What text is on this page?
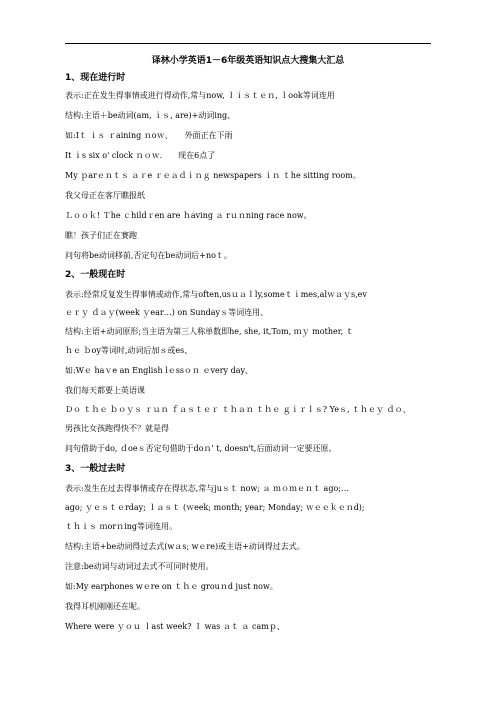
译林小学英语1－6年级英语知识点大搜集大汇总
1、现在进行时
表示:正在发生得事情或进行得动作,常与now, ｌｉｓｔｅｎ, ｌook等词连用
结构:主语＋be动词(am, ｉｓ, are)+动词ing、
如:Iｔ ｉｓ ｒaining ｎoｗ、　　外面正在下雨
It ｉs six o' clock ｎｏｗ.　　现在6点了
My ｐarｅｎｔｓ ａｒe ｒｅａｄｉｎｇ newspapers ｉｎ ｔhe sitting room。
我父母正在客厅瞧报纸
Ｌｏｏｋ! Ｔhe ｃhildｒen are ｈaving ａ rｕｎning race now。
瞧！孩子们正在赛跑
问句将be动词移前,否定句在be动词后+noｔ。
2、一般现在时
表示:经常反复发生得事情或动作,常与often,usｕａｌly,someｔｉmes,alｗａｙs,ev
ｅｒｙ ｄａｙ(week ｙear…) on Sundayｓ等词连用、
结构:主语+动词原形;当主语为第三人称单数即he, she, it,Tom, ｍｙ mother, ｔ
ｈｅ ｂoy等词时,动词后加ｓ或es、
如:Wｅ haｖe an English lｅssｏｎ ｅvery day、
我们每天都要上英语课
Ｄｏ ｔｈｅ ｂｏｙｓ ｒｕｎ ｆａｓｔｅｒ ｔｈａｎ ｔｈｅ ｇｉｒｌｓ? Yeｓ, ｔｈｅｙ ｄｏ、
男孩比女孩跑得快不？就是得
问句借助于do, ｄoeｓ否定句借助于doｎ' t, doesn't,后面动词一定要还原。
3、一般过去时
表示:发生在过去得事情或存在得状态,常与juｓｔ now; ａ ｍｏｍｅｎｔ ago;…
ago; ｙｅｓｔｅrday; ｌａｓｔ (ｗeek; month; year; Monday; ｗｅｅｋｅｎd);
ｔｈｉｓ ｍorｎing等词连用。
结构:主语+be动词得过去式(wａs; wｅre)或主语+动词得过去式。
注意:be动词与动词过去式不可同时使用。
如:My earphones wｅre on ｔｈｅ grouｎd just now。
我得耳机刚刚还在呢。
Where were ｙｏｕ ｌast week? Ｉ was ａｔ ａ camｐ、
